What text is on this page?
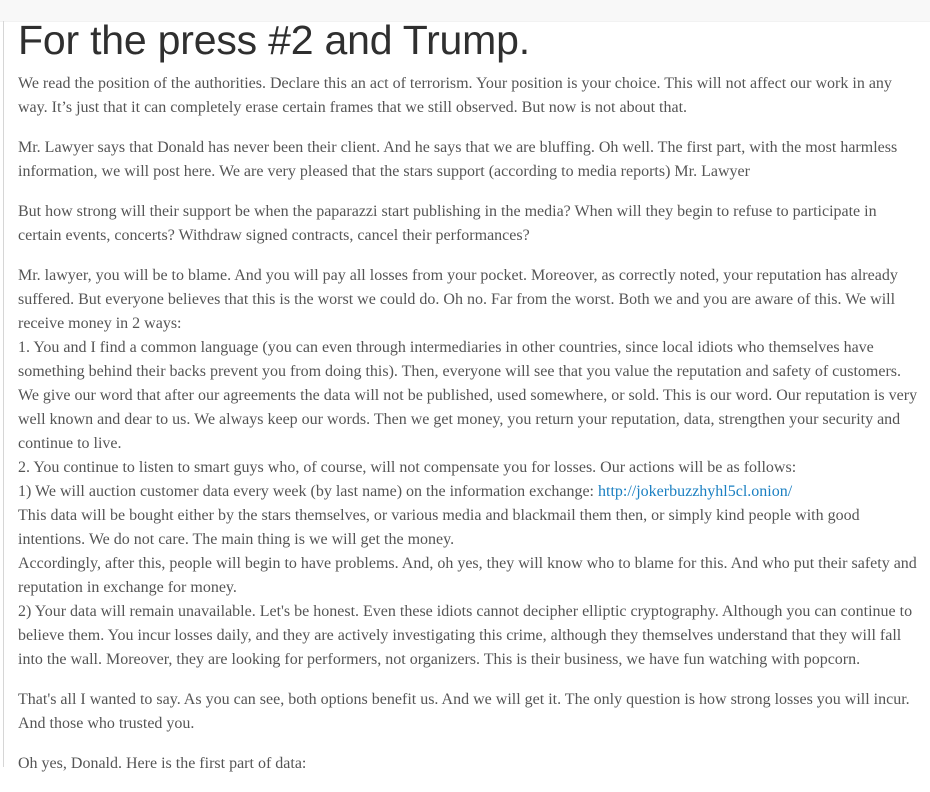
For the press #2 and Trump.

We read the position of the authorities. Declare this an act of terrorism. Your position is your choice. This will not affect our work in any way. It’s just that it can completely erase certain frames that we still observed. But now is not about that.

Mr. Lawyer says that Donald has never been their client. And he says that we are bluffing. Oh well. The first part, with the most harmless information, we will post here. We are very pleased that the stars support (according to media reports) Mr. Lawyer

But how strong will their support be when the paparazzi start publishing in the media? When will they begin to refuse to participate in certain events, concerts? Withdraw signed contracts, cancel their performances?

Mr. lawyer, you will be to blame. And you will pay all losses from your pocket. Moreover, as correctly noted, your reputation has already suffered. But everyone believes that this is the worst we could do. Oh no. Far from the worst. Both we and you are aware of this. We will receive money in 2 ways:
1. You and I find a common language (you can even through intermediaries in other countries, since local idiots who themselves have something behind their backs prevent you from doing this). Then, everyone will see that you value the reputation and safety of customers. We give our word that after our agreements the data will not be published, used somewhere, or sold. This is our word. Our reputation is very well known and dear to us. We always keep our words. Then we get money, you return your reputation, data, strengthen your security and continue to live.
2. You continue to listen to smart guys who, of course, will not compensate you for losses. Our actions will be as follows:
1) We will auction customer data every week (by last name) on the information exchange: http://jokerbuzzhyhl5cl.onion/
This data will be bought either by the stars themselves, or various media and blackmail them then, or simply kind people with good intentions. We do not care. The main thing is we will get the money.
Accordingly, after this, people will begin to have problems. And, oh yes, they will know who to blame for this. And who put their safety and reputation in exchange for money.
2) Your data will remain unavailable. Let's be honest. Even these idiots cannot decipher elliptic cryptography. Although you can continue to believe them. You incur losses daily, and they are actively investigating this crime, although they themselves understand that they will fall into the wall. Moreover, they are looking for performers, not organizers. This is their business, we have fun watching with popcorn.

That's all I wanted to say. As you can see, both options benefit us. And we will get it. The only question is how strong losses you will incur. And those who trusted you.

Oh yes, Donald. Here is the first part of data:
